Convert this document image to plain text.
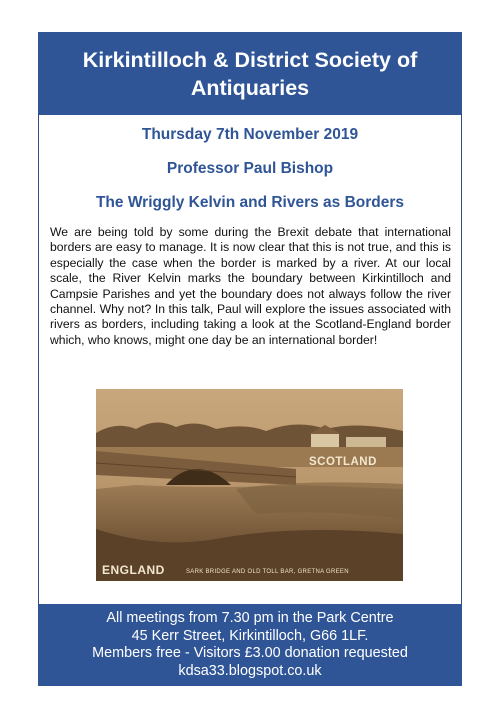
Kirkintilloch & District Society of Antiquaries
Thursday 7th November 2019
Professor Paul Bishop
The Wriggly Kelvin and Rivers as Borders
We are being told by some during the Brexit debate that international borders are easy to manage. It is now clear that this is not true, and this is especially the case when the border is marked by a river. At our local scale, the River Kelvin marks the boundary between Kirkintilloch and Campsie Parishes and yet the boundary does not always follow the river channel. Why not? In this talk, Paul will explore the issues associated with rivers as borders, including taking a look at the Scotland-England border which, who knows, might one day be an international border!
SCOTLAND
ENGLAND	SARK BRIDGE AND OLD TOLL BAR, GRETNA GREEN
All meetings from 7.30 pm in the Park Centre
45 Kerr Street, Kirkintilloch, G66 1LF.
Members free - Visitors £3.00 donation requested
kdsa33.blogspot.co.uk
